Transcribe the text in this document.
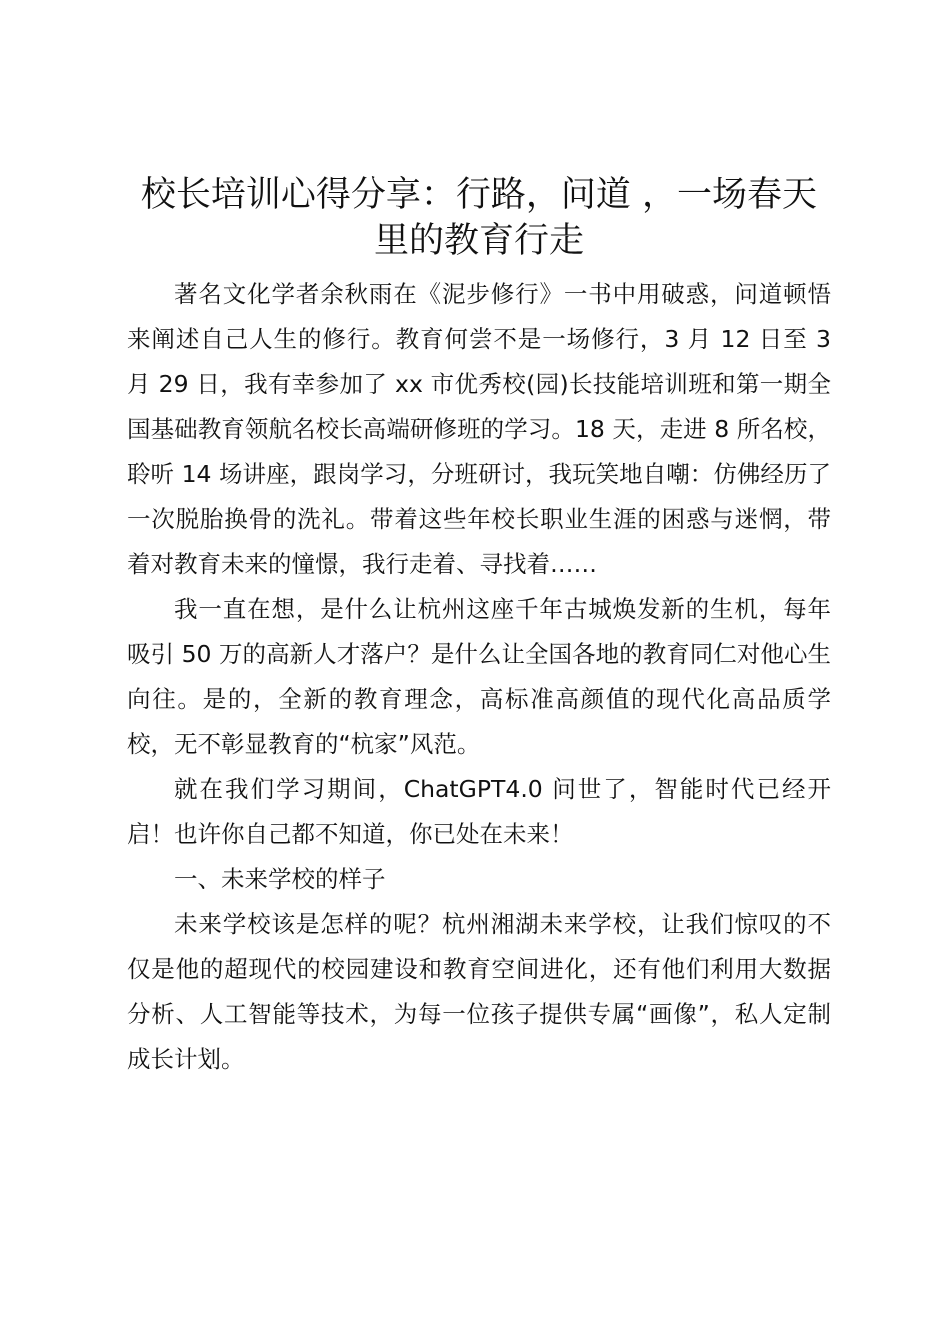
校长培训心得分享：行路，问道 ，一场春天里的教育行走

著名文化学者余秋雨在《泥步修行》一书中用破惑，问道顿悟来阐述自己人生的修行。教育何尝不是一场修行，3 月 12 日至 3 月 29 日，我有幸参加了 xx 市优秀校(园)长技能培训班和第一期全国基础教育领航名校长高端研修班的学习。18 天，走进 8 所名校，聆听 14 场讲座，跟岗学习，分班研讨，我玩笑地自嘲：仿佛经历了一次脱胎换骨的洗礼。带着这些年校长职业生涯的困惑与迷惘，带着对教育未来的憧憬，我行走着、寻找着……

我一直在想，是什么让杭州这座千年古城焕发新的生机，每年吸引 50 万的高新人才落户？是什么让全国各地的教育同仁对他心生向往。是的，全新的教育理念，高标准高颜值的现代化高品质学校，无不彰显教育的“杭家”风范。

就在我们学习期间，ChatGPT4.0 问世了，智能时代已经开启！也许你自己都不知道，你已处在未来！

一、未来学校的样子

未来学校该是怎样的呢？杭州湘湖未来学校，让我们惊叹的不仅是他的超现代的校园建设和教育空间进化，还有他们利用大数据分析、人工智能等技术，为每一位孩子提供专属“画像”，私人定制成长计划。
